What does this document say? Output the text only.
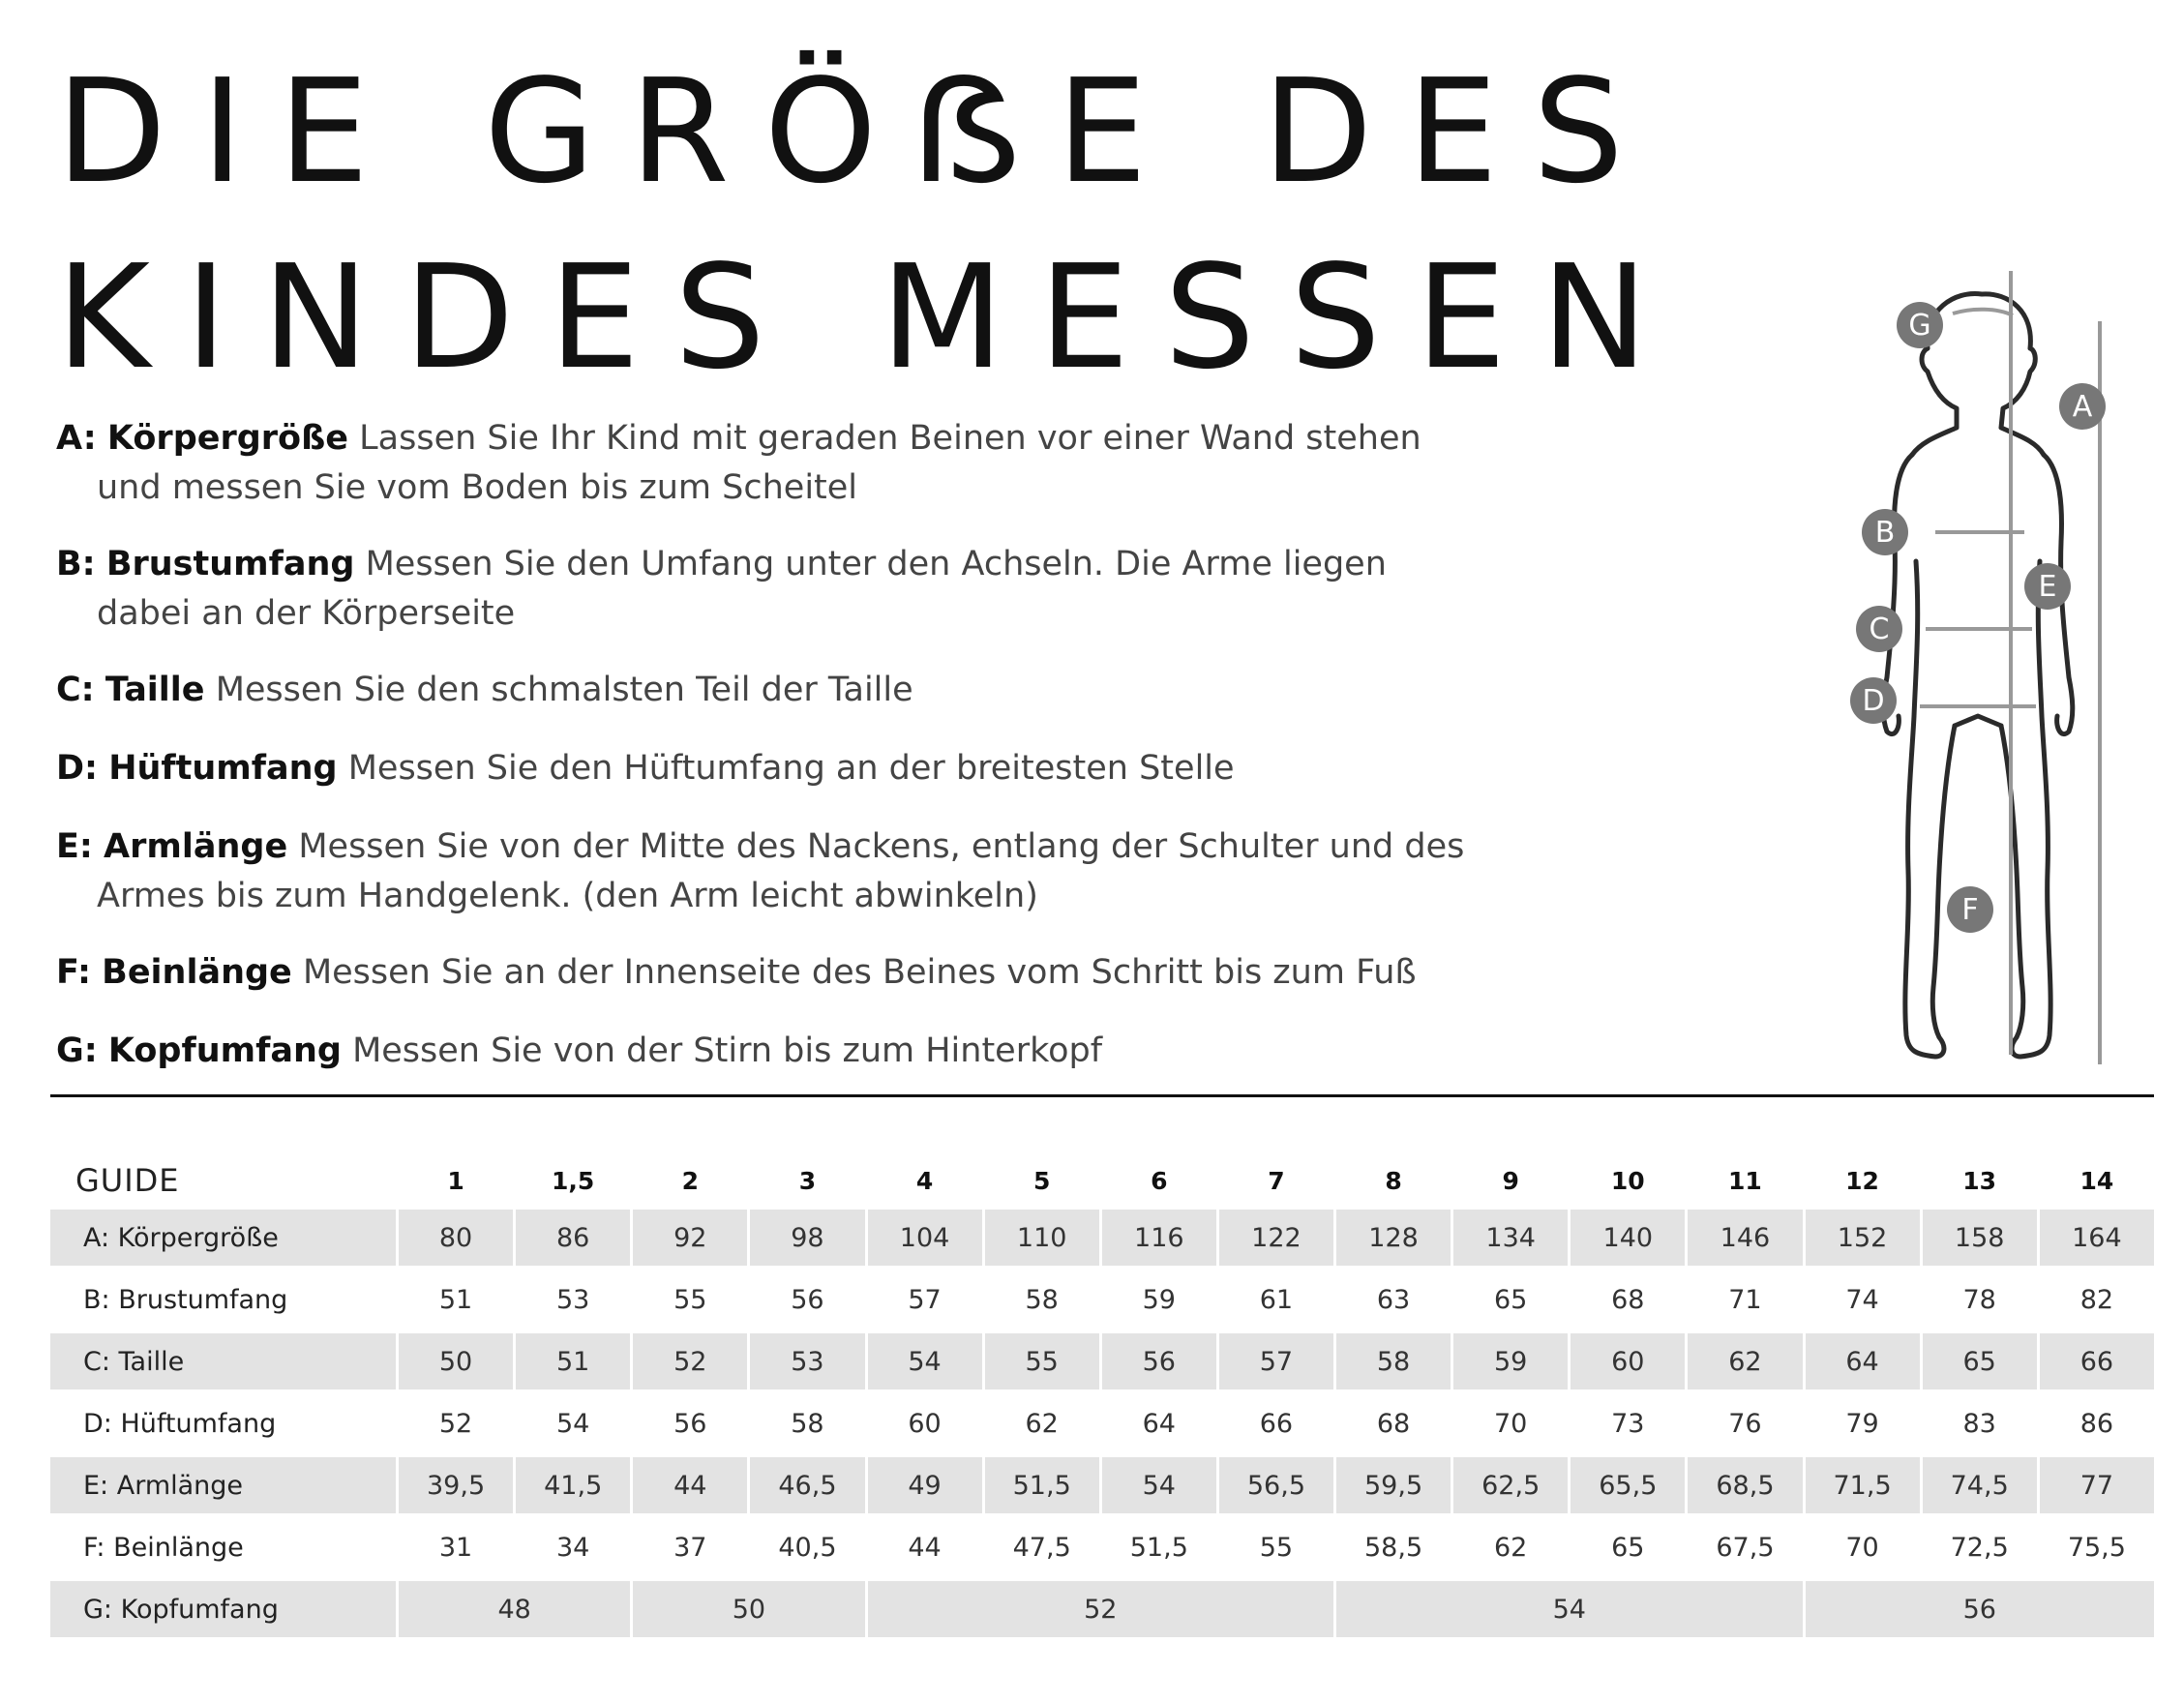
DIE GRÖẞE DES
KINDES MESSEN
A: Körpergröße Lassen Sie Ihr Kind mit geraden Beinen vor einer Wand stehen und messen Sie vom Boden bis zum Scheitel
B: Brustumfang Messen Sie den Umfang unter den Achseln. Die Arme liegen dabei an der Körperseite
C: Taille Messen Sie den schmalsten Teil der Taille
D: Hüftumfang Messen Sie den Hüftumfang an der breitesten Stelle
E: Armlänge Messen Sie von der Mitte des Nackens, entlang der Schulter und des Armes bis zum Handgelenk. (den Arm leicht abwinkeln)
F: Beinlänge Messen Sie an der Innenseite des Beines vom Schritt bis zum Fuß
G: Kopfumfang Messen Sie von der Stirn bis zum Hinterkopf
G
A
B
E
C
D
F
GUIDE	1	1,5	2	3	4	5	6	7	8	9	10	11	12	13	14
A: Körpergröße	80	86	92	98	104	110	116	122	128	134	140	146	152	158	164
B: Brustumfang	51	53	55	56	57	58	59	61	63	65	68	71	74	78	82
C: Taille	50	51	52	53	54	55	56	57	58	59	60	62	64	65	66
D: Hüftumfang	52	54	56	58	60	62	64	66	68	70	73	76	79	83	86
E: Armlänge	39,5	41,5	44	46,5	49	51,5	54	56,5	59,5	62,5	65,5	68,5	71,5	74,5	77
F: Beinlänge	31	34	37	40,5	44	47,5	51,5	55	58,5	62	65	67,5	70	72,5	75,5
G: Kopfumfang	48		50		52				54				56		
